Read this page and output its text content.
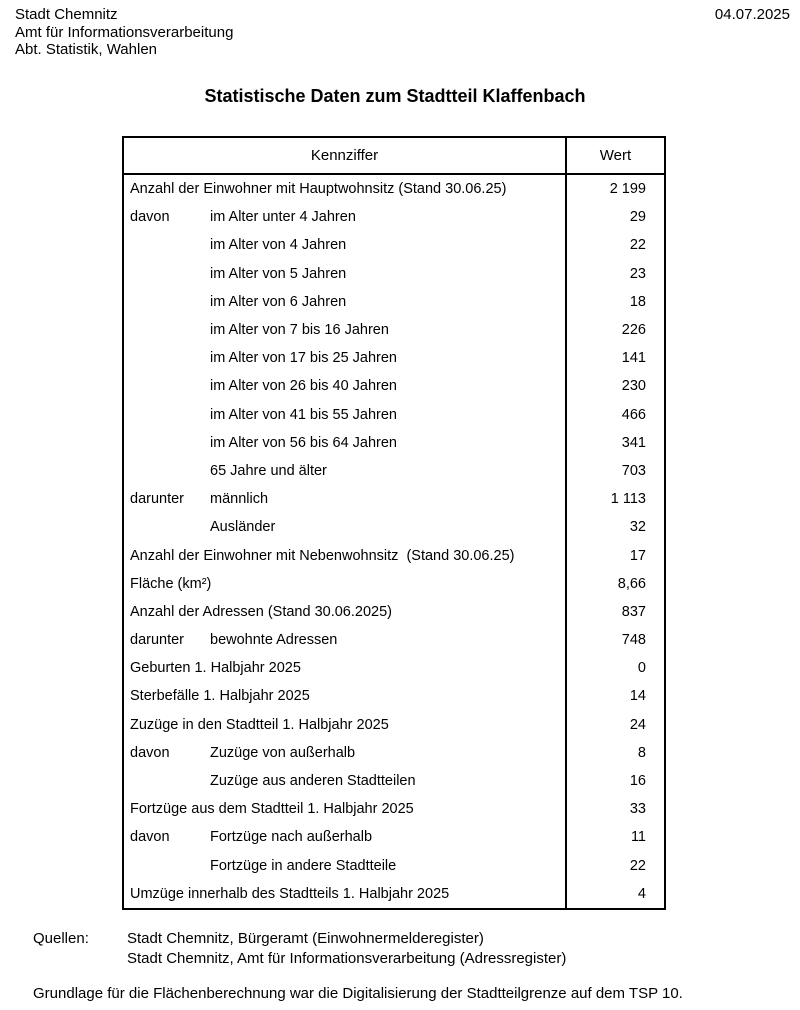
Stadt Chemnitz
Amt für Informationsverarbeitung
Abt. Statistik, Wahlen
04.07.2025
Statistische Daten zum Stadtteil Klaffenbach
Kennziffer	Wert
Anzahl der Einwohner mit Hauptwohnsitz (Stand 30.06.25)	2 199
davon	im Alter unter 4 Jahren	29
im Alter von 4 Jahren	22
im Alter von 5 Jahren	23
im Alter von 6 Jahren	18
im Alter von 7 bis 16 Jahren	226
im Alter von 17 bis 25 Jahren	141
im Alter von 26 bis 40 Jahren	230
im Alter von 41 bis 55 Jahren	466
im Alter von 56 bis 64 Jahren	341
65 Jahre und älter	703
darunter	männlich	1 113
Ausländer	32
Anzahl der Einwohner mit Nebenwohnsitz  (Stand 30.06.25)	17
Fläche (km²)	8,66
Anzahl der Adressen (Stand 30.06.2025)	837
darunter	bewohnte Adressen	748
Geburten 1. Halbjahr 2025	0
Sterbefälle 1. Halbjahr 2025	14
Zuzüge in den Stadtteil 1. Halbjahr 2025	24
davon	Zuzüge von außerhalb	8
Zuzüge aus anderen Stadtteilen	16
Fortzüge aus dem Stadtteil 1. Halbjahr 2025	33
davon	Fortzüge nach außerhalb	11
Fortzüge in andere Stadtteile	22
Umzüge innerhalb des Stadtteils 1. Halbjahr 2025	4
Quellen:	Stadt Chemnitz, Bürgeramt (Einwohnermelderegister)
Stadt Chemnitz, Amt für Informationsverarbeitung (Adressregister)
Grundlage für die Flächenberechnung war die Digitalisierung der Stadtteilgrenze auf dem TSP 10.
